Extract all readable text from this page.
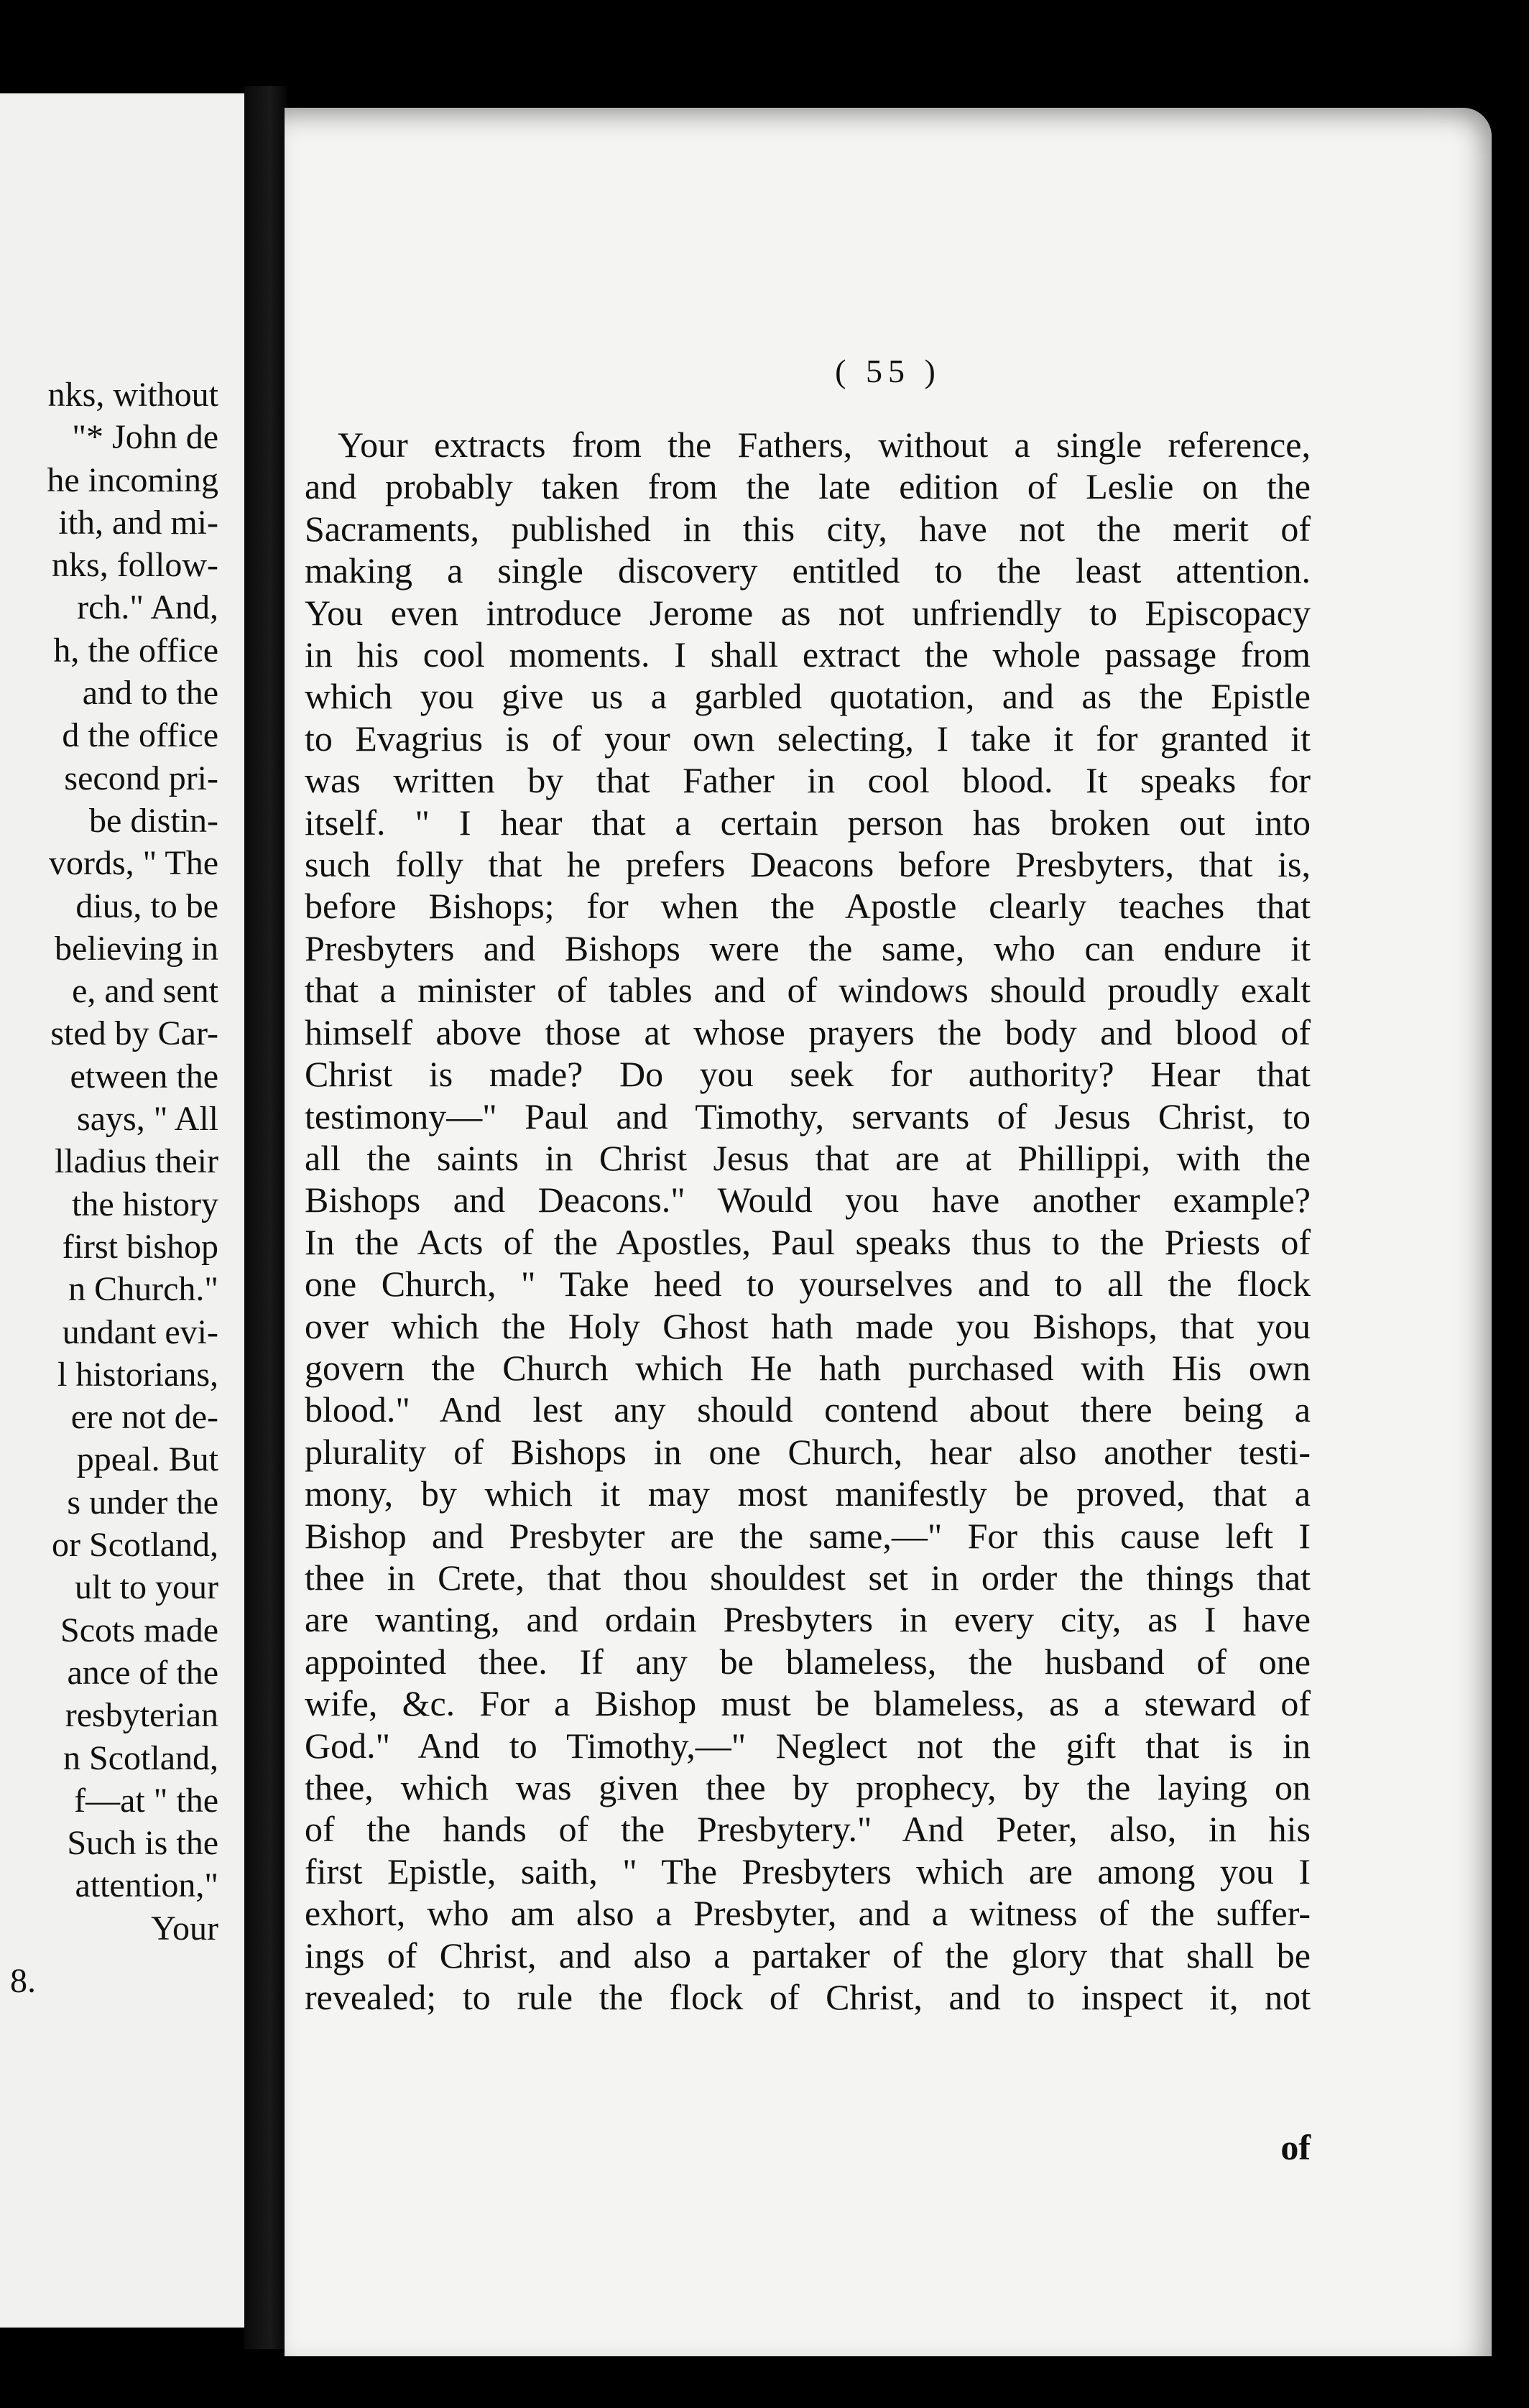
nks, without
"* John de
he incoming
ith, and mi-
nks, follow-
rch." And,
h, the office
and to the
d the office
second pri-
be distin-
vords, " The
dius, to be
believing in
e, and sent
sted by Car-
etween the
says, " All
lladius their
the history
first bishop
n Church."
undant evi-
l historians,
ere not de-
ppeal. But
s under the
or Scotland,
ult to your
Scots made
ance of the
resbyterian
n Scotland,
f—at " the
Such is the
attention,"
Your
8.
( 55 )
Your extracts from the Fathers, without a single reference,
and probably taken from the late edition of Leslie on the
Sacraments, published in this city, have not the merit of
making a single discovery entitled to the least attention.
You even introduce Jerome as not unfriendly to Episcopacy
in his cool moments. I shall extract the whole passage from
which you give us a garbled quotation, and as the Epistle
to Evagrius is of your own selecting, I take it for granted it
was written by that Father in cool blood. It speaks for
itself. " I hear that a certain person has broken out into
such folly that he prefers Deacons before Presbyters, that is,
before Bishops; for when the Apostle clearly teaches that
Presbyters and Bishops were the same, who can endure it
that a minister of tables and of windows should proudly exalt
himself above those at whose prayers the body and blood of
Christ is made? Do you seek for authority? Hear that
testimony—" Paul and Timothy, servants of Jesus Christ, to
all the saints in Christ Jesus that are at Phillippi, with the
Bishops and Deacons." Would you have another example?
In the Acts of the Apostles, Paul speaks thus to the Priests of
one Church, " Take heed to yourselves and to all the flock
over which the Holy Ghost hath made you Bishops, that you
govern the Church which He hath purchased with His own
blood." And lest any should contend about there being a
plurality of Bishops in one Church, hear also another testi-
mony, by which it may most manifestly be proved, that a
Bishop and Presbyter are the same,—" For this cause left I
thee in Crete, that thou shouldest set in order the things that
are wanting, and ordain Presbyters in every city, as I have
appointed thee. If any be blameless, the husband of one
wife, &c. For a Bishop must be blameless, as a steward of
God." And to Timothy,—" Neglect not the gift that is in
thee, which was given thee by prophecy, by the laying on
of the hands of the Presbytery." And Peter, also, in his
first Epistle, saith, " The Presbyters which are among you I
exhort, who am also a Presbyter, and a witness of the suffer-
ings of Christ, and also a partaker of the glory that shall be
revealed; to rule the flock of Christ, and to inspect it, not
of
